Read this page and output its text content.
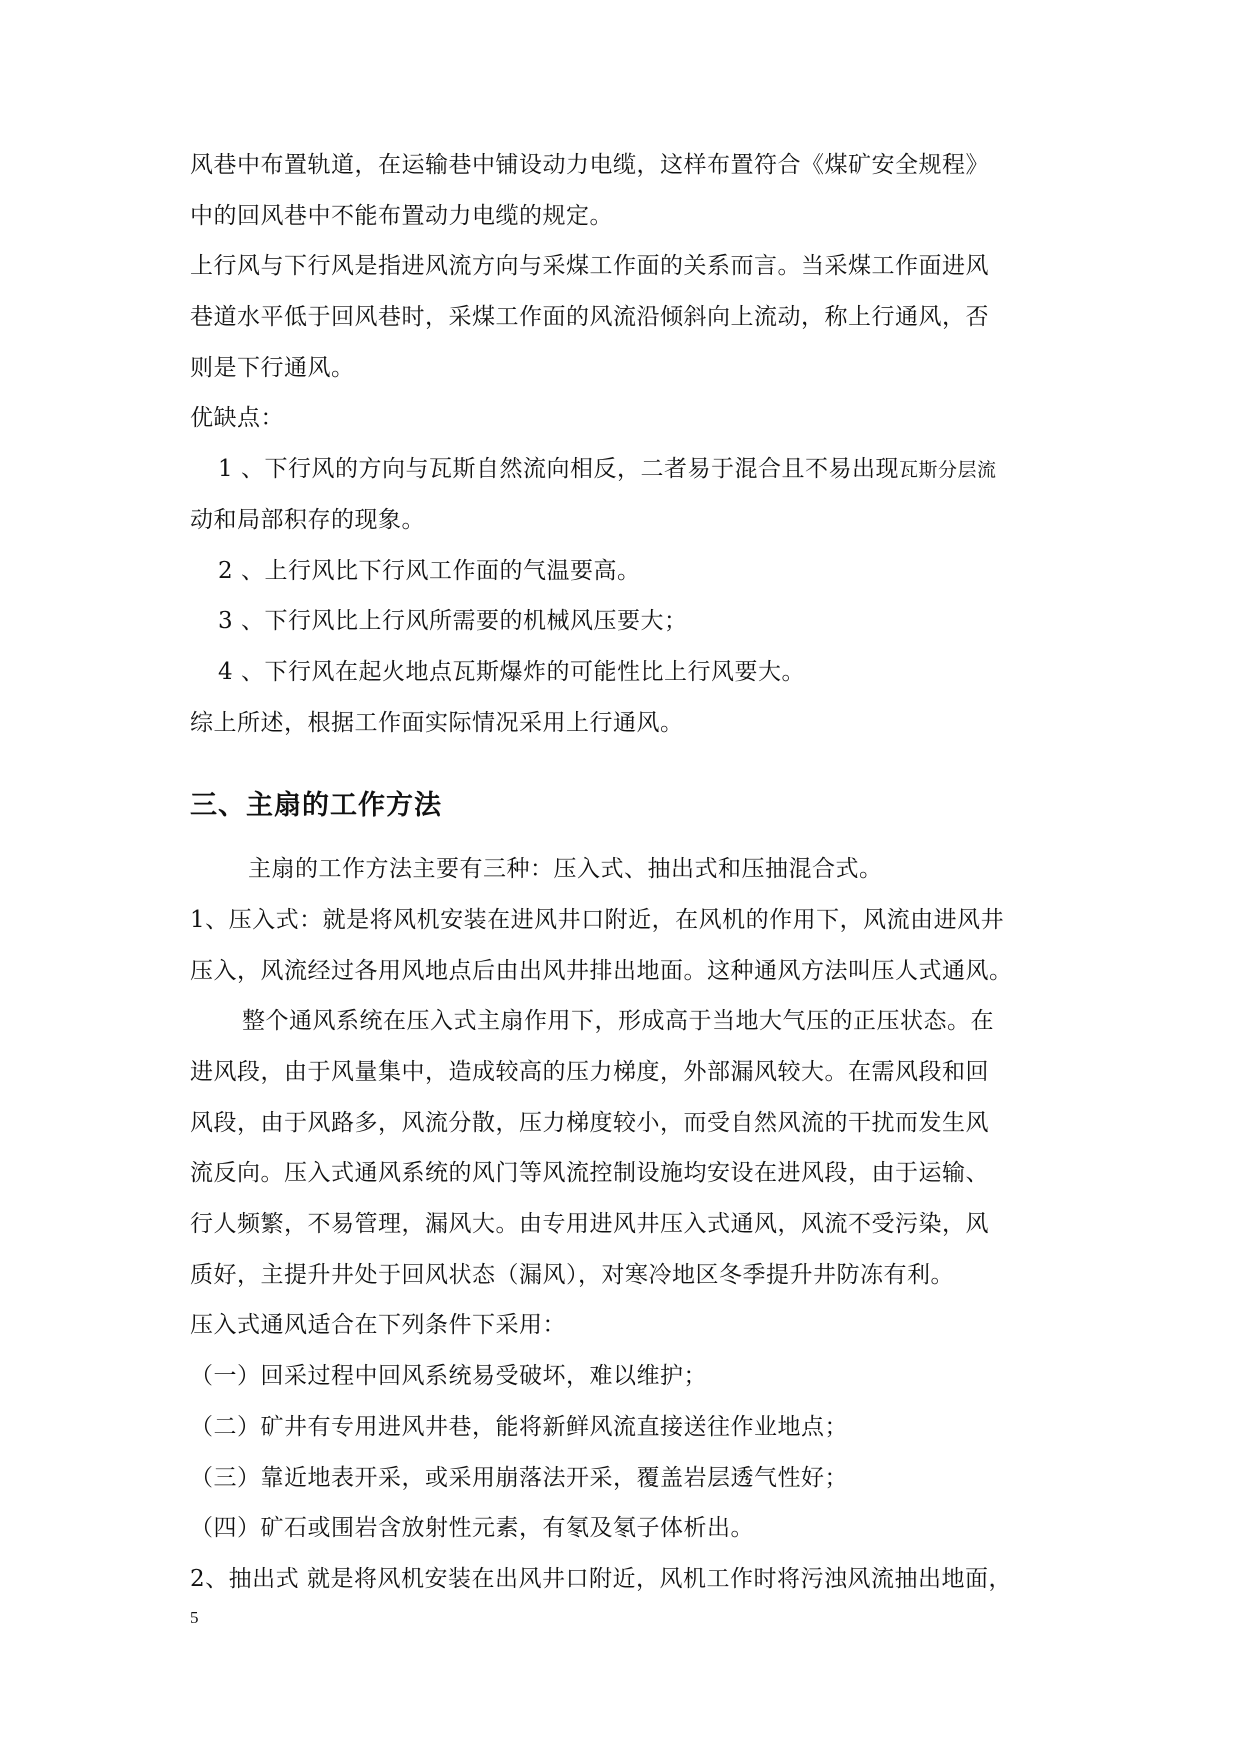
风巷中布置轨道，在运输巷中铺设动力电缆，这样布置符合《煤矿安全规程》
中的回风巷中不能布置动力电缆的规定。
上行风与下行风是指进风流方向与采煤工作面的关系而言。当采煤工作面进风
巷道水平低于回风巷时，采煤工作面的风流沿倾斜向上流动，称上行通风，否
则是下行通风。
优缺点：
1 、下行风的方向与瓦斯自然流向相反，二者易于混合且不易出现瓦斯分层流
动和局部积存的现象。
2 、上行风比下行风工作面的气温要高。
3 、下行风比上行风所需要的机械风压要大；
4 、下行风在起火地点瓦斯爆炸的可能性比上行风要大。
综上所述，根据工作面实际情况采用上行通风。
三、主扇的工作方法
主扇的工作方法主要有三种：压入式、抽出式和压抽混合式。
1、压入式：就是将风机安装在进风井口附近，在风机的作用下，风流由进风井
压入，风流经过各用风地点后由出风井排出地面。这种通风方法叫压人式通风。
整个通风系统在压入式主扇作用下，形成高于当地大气压的正压状态。在
进风段，由于风量集中，造成较高的压力梯度，外部漏风较大。在需风段和回
风段，由于风路多，风流分散，压力梯度较小，而受自然风流的干扰而发生风
流反向。压入式通风系统的风门等风流控制设施均安设在进风段，由于运输、
行人频繁，不易管理，漏风大。由专用进风井压入式通风，风流不受污染，风
质好，主提升井处于回风状态（漏风），对寒冷地区冬季提升井防冻有利。
压入式通风适合在下列条件下采用：
（一）回采过程中回风系统易受破坏，难以维护；
（二）矿井有专用进风井巷，能将新鲜风流直接送往作业地点；
（三）靠近地表开采，或采用崩落法开采，覆盖岩层透气性好；
（四）矿石或围岩含放射性元素，有氡及氡子体析出。
2、抽出式 就是将风机安装在出风井口附近，风机工作时将污浊风流抽出地面，
5
